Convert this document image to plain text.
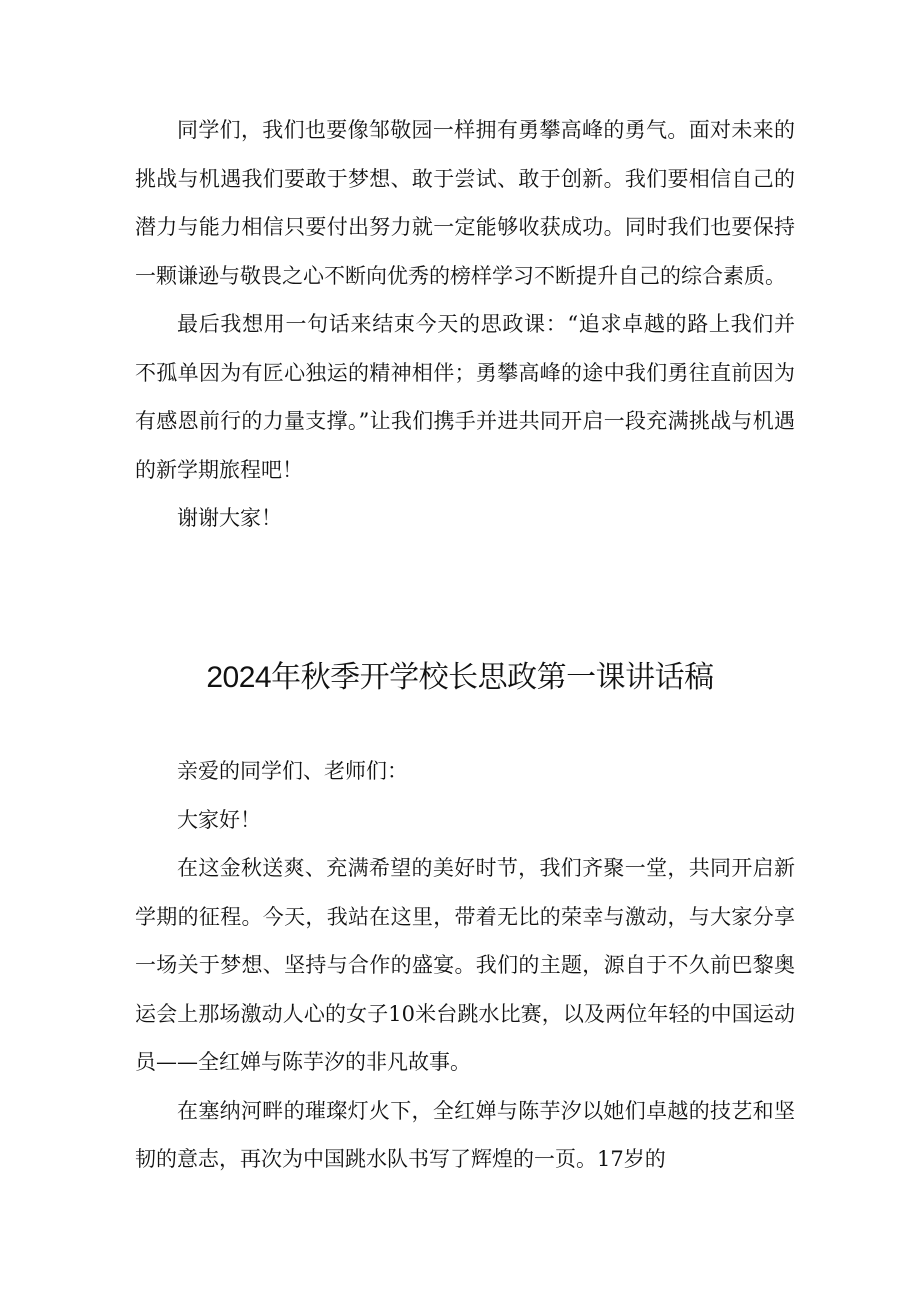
同学们，我们也要像邹敬园一样拥有勇攀高峰的勇气。面对未来的挑战与机遇我们要敢于梦想、敢于尝试、敢于创新。我们要相信自己的潜力与能力相信只要付出努力就一定能够收获成功。同时我们也要保持一颗谦逊与敬畏之心不断向优秀的榜样学习不断提升自己的综合素质。

最后我想用一句话来结束今天的思政课：“追求卓越的路上我们并不孤单因为有匠心独运的精神相伴；勇攀高峰的途中我们勇往直前因为有感恩前行的力量支撑。”让我们携手并进共同开启一段充满挑战与机遇的新学期旅程吧！

谢谢大家！

2024年秋季开学校长思政第一课讲话稿

亲爱的同学们、老师们：

大家好！

在这金秋送爽、充满希望的美好时节，我们齐聚一堂，共同开启新学期的征程。今天，我站在这里，带着无比的荣幸与激动，与大家分享一场关于梦想、坚持与合作的盛宴。我们的主题，源自于不久前巴黎奥运会上那场激动人心的女子10米台跳水比赛，以及两位年轻的中国运动员——全红婵与陈芋汐的非凡故事。

在塞纳河畔的璀璨灯火下，全红婵与陈芋汐以她们卓越的技艺和坚韧的意志，再次为中国跳水队书写了辉煌的一页。17岁的
